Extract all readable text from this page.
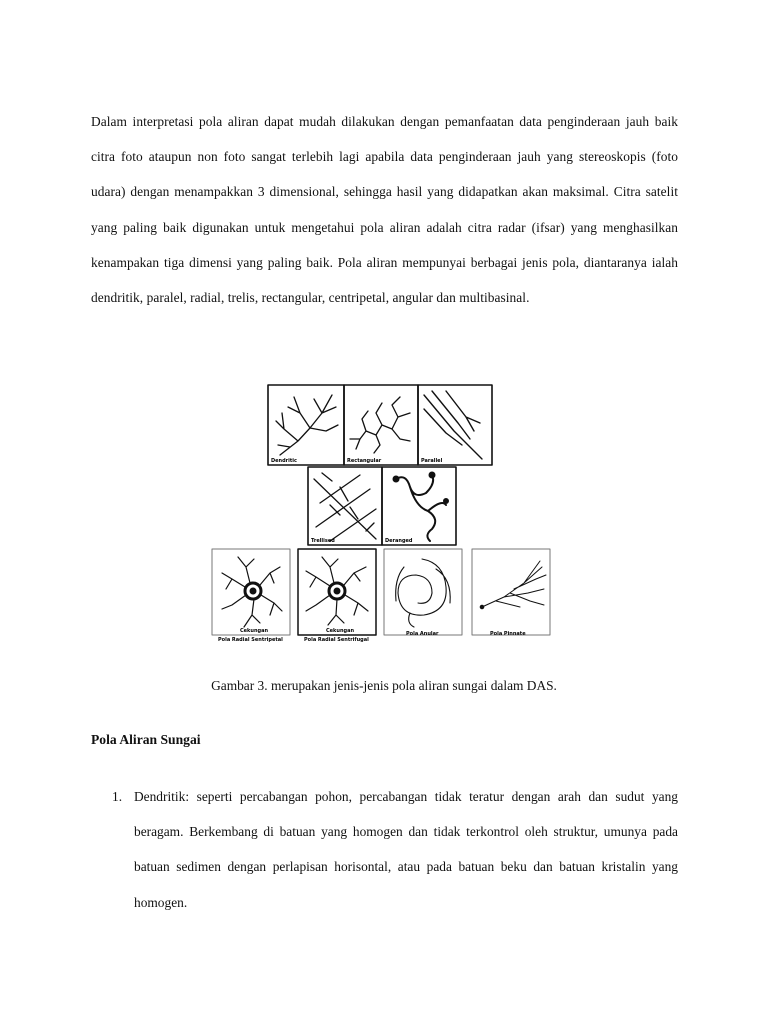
Dalam interpretasi pola aliran dapat mudah dilakukan dengan pemanfaatan data penginderaan jauh baik citra foto ataupun non foto sangat terlebih lagi apabila data penginderaan jauh yang stereoskopis (foto udara) dengan menampakkan 3 dimensional, sehingga hasil yang didapatkan akan maksimal. Citra satelit yang paling baik digunakan untuk mengetahui pola aliran adalah citra radar (ifsar) yang menghasilkan kenampakan tiga dimensi yang paling baik. Pola aliran mempunyai berbagai jenis pola, diantaranya ialah dendritik, paralel, radial, trelis, rectangular, centripetal, angular dan multibasinal.

Dendritic	Rectangular	Parallel
Trellised	Deranged
Cekungan
Pola Radial Sentripetal
Cekungan
Pola Radial Sentrifugal
Pola Anular	Pola Pinnate
Gambar 3. merupakan jenis-jenis pola aliran sungai dalam DAS.
Pola Aliran Sungai
1. Dendritik: seperti percabangan pohon, percabangan tidak teratur dengan arah dan sudut yang beragam. Berkembang di batuan yang homogen dan tidak terkontrol oleh struktur, umunya pada batuan sedimen dengan perlapisan horisontal, atau pada batuan beku dan batuan kristalin yang homogen.
